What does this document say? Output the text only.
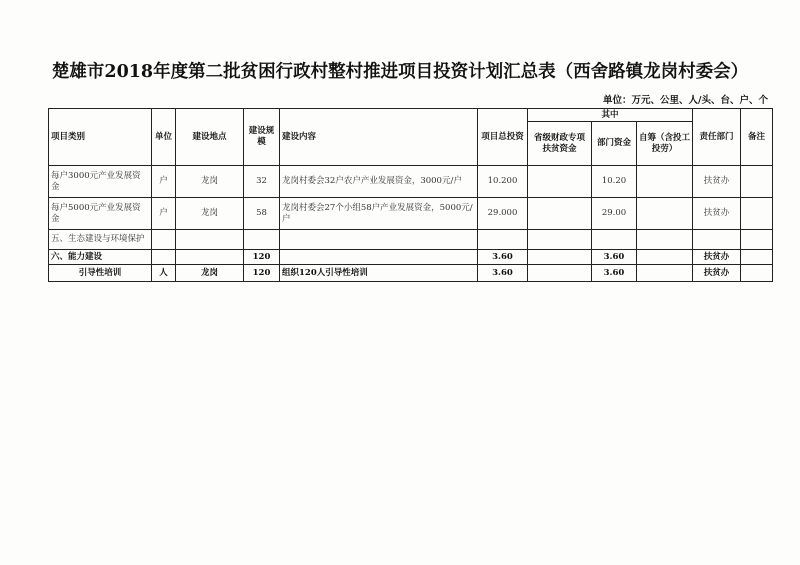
楚雄市2018年度第二批贫困行政村整村推进项目投资计划汇总表（西舍路镇龙岗村委会）
单位：万元、公里、人/头、台、户、个
项目类别	单位	建设地点	建设规模	建设内容	项目总投资	其中			责任部门	备注
						省级财政专项扶贫资金	部门资金	自筹（含投工投劳）		
每户3000元产业发展资金	户	龙岗	32	龙岗村委会32户农户产业发展资金，3000元/户	10.200		10.20		扶贫办	
每户5000元产业发展资金	户	龙岗	58	龙岗村委会27个小组58户产业发展资金，5000元/户	29.000		29.00		扶贫办	
五、生态建设与环境保护										
六、能力建设			120		3.60		3.60		扶贫办	
引导性培训	人	龙岗	120	组织120人引导性培训	3.60		3.60		扶贫办	
